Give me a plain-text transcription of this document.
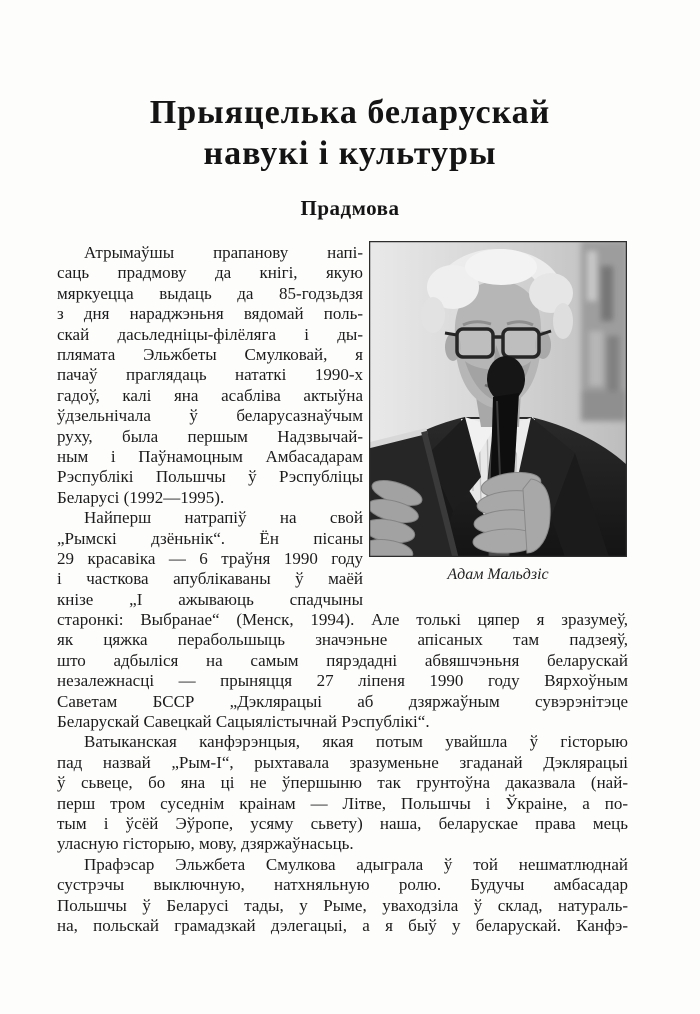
Прыяцелька беларускай
навукі і культуры
Прадмова
Атрымаўшы прапанову напі-
саць прадмову да кнігі, якую
мяркуецца выдаць да 85-годзьдзя
з дня нараджэньня вядомай поль-
скай дасьледніцы-філёляга і ды-
плямата Эльжбеты Смулковай, я
пачаў праглядаць нататкі 1990-х
гадоў, калі яна асабліва актыўна
ўдзельнічала ў беларусазнаўчым
руху, была першым Надзвычай-
ным і Паўнамоцным Амбасадарам
Рэспублікі Польшчы ў Рэспубліцы
Беларусі (1992—1995).
Найперш натрапіў на свой
„Рымскі дзёньнік“. Ён пісаны
29 красавіка — 6 траўня 1990 году
і часткова апублікаваны ў маёй
кнізе „І ажываюць спадчыны
Адам Мальдзіс
старонкі: Выбранае“ (Менск, 1994). Але толькі цяпер я зразумеў,
як цяжка перабольшыць значэньне апісаных там падзеяў,
што адбыліся на самым пярэдадні абвяшчэньня беларускай
незалежнасці — прыняцця 27 ліпеня 1990 году Вярхоўным
Саветам БССР „Дэклярацыі аб дзяржаўным сувэрэнітэце
Беларускай Савецкай Сацыялістычнай Рэспублікі“.
Ватыканская канфэрэнцыя, якая потым увайшла ў гісторыю
пад назвай „Рым-І“, рыхтавала зразуменьне згаданай Дэклярацыі
ў сьвеце, бо яна ці не ўпершыню так грунтоўна даказвала (най-
перш тром суседнім краінам — Літве, Польшчы і Ўкраіне, а по-
тым і ўсёй Эўропе, усяму сьвету) наша, беларускае права мець
уласную гісторыю, мову, дзяржаўнасьць.
Прафэсар Эльжбета Смулкова адыграла ў той нешматлюднай
сустрэчы выключную, натхняльную ролю. Будучы амбасадар
Польшчы ў Беларусі тады, у Рыме, уваходзіла ў склад, натураль-
на, польскай грамадзкай дэлегацыі, а я быў у беларускай. Канфэ-
